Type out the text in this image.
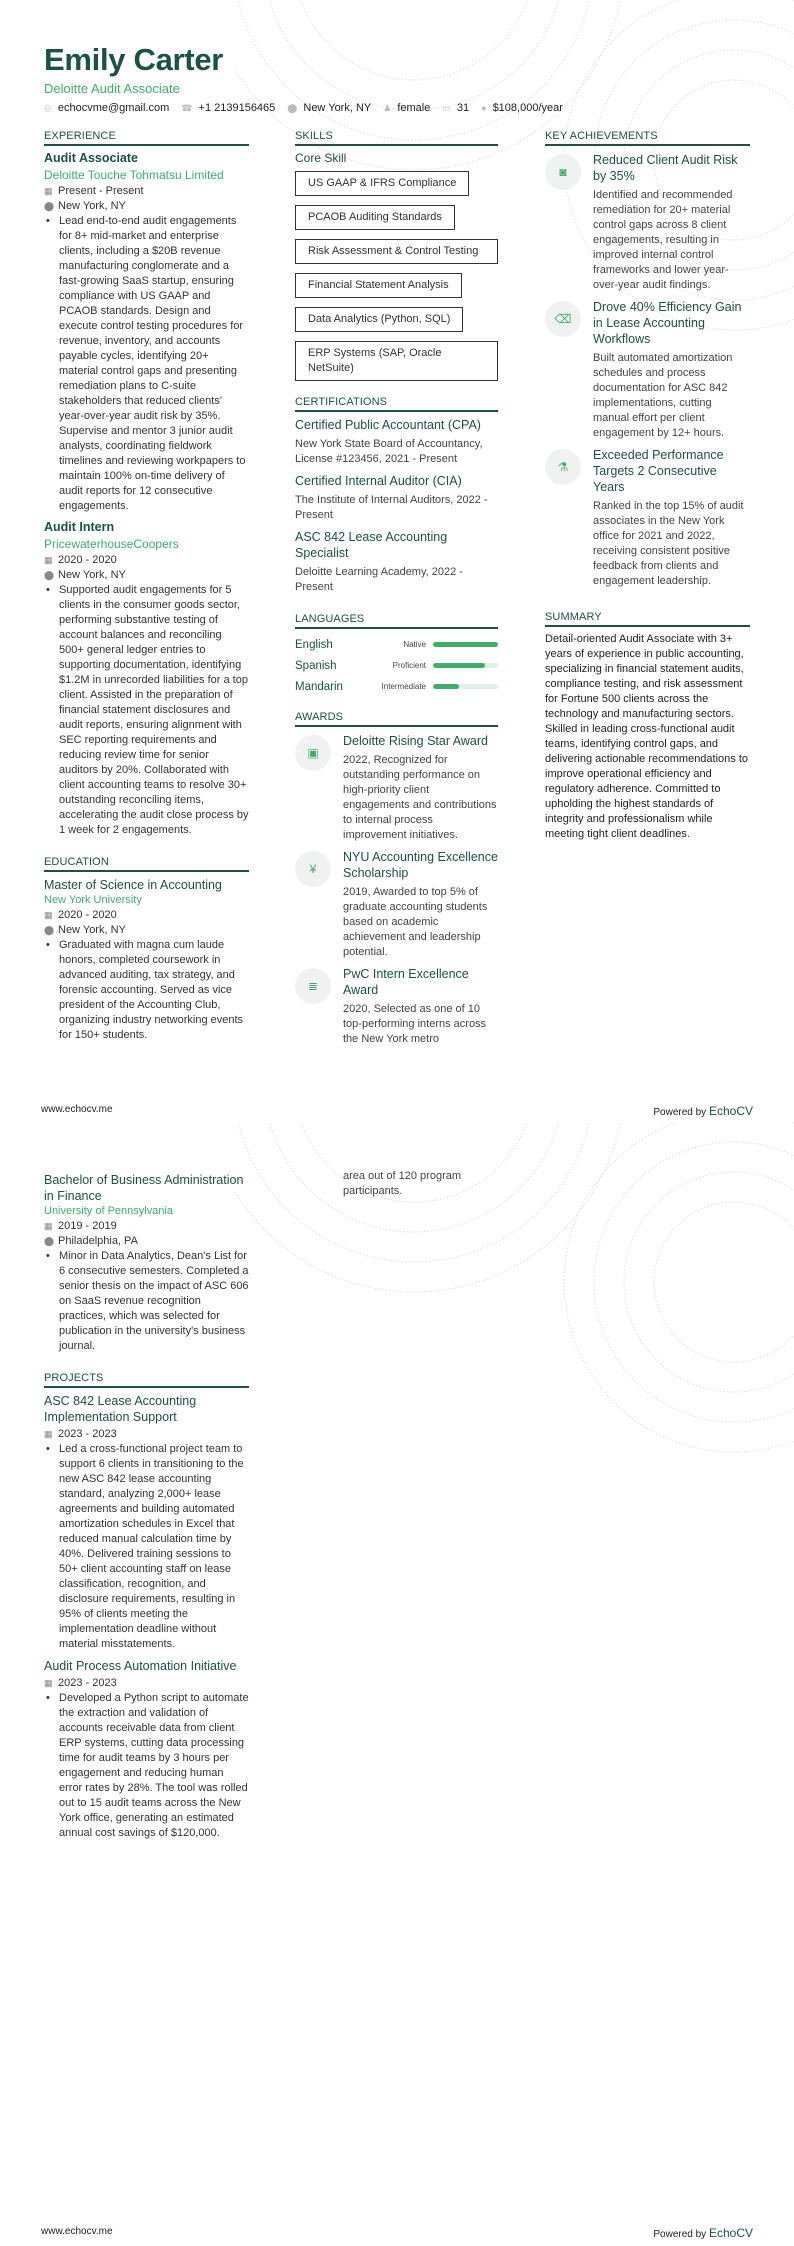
Emily Carter
Deloitte Audit Associate
◎ echocvme@gmail.com ☎ +1 2139156465 ⬤ New York, NY ♟ female ▭ 31 ● $108,000/year
EXPERIENCE
Audit Associate
Deloitte Touche Tohmatsu Limited
▦ Present - Present
⬤ New York, NY
• Lead end-to-end audit engagements for 8+ mid-market and enterprise clients, including a $20B revenue manufacturing conglomerate and a fast-growing SaaS startup, ensuring compliance with US GAAP and PCAOB standards. Design and execute control testing procedures for revenue, inventory, and accounts payable cycles, identifying 20+ material control gaps and presenting remediation plans to C-suite stakeholders that reduced clients' year-over-year audit risk by 35%. Supervise and mentor 3 junior audit analysts, coordinating fieldwork timelines and reviewing workpapers to maintain 100% on-time delivery of audit reports for 12 consecutive engagements.
Audit Intern
PricewaterhouseCoopers
▦ 2020 - 2020
⬤ New York, NY
• Supported audit engagements for 5 clients in the consumer goods sector, performing substantive testing of account balances and reconciling 500+ general ledger entries to supporting documentation, identifying $1.2M in unrecorded liabilities for a top client. Assisted in the preparation of financial statement disclosures and audit reports, ensuring alignment with SEC reporting requirements and reducing review time for senior auditors by 20%. Collaborated with client accounting teams to resolve 30+ outstanding reconciling items, accelerating the audit close process by 1 week for 2 engagements.
EDUCATION
Master of Science in Accounting
New York University
▦ 2020 - 2020
⬤ New York, NY
• Graduated with magna cum laude honors, completed coursework in advanced auditing, tax strategy, and forensic accounting. Served as vice president of the Accounting Club, organizing industry networking events for 150+ students.
SKILLS
Core Skill
US GAAP & IFRS Compliance PCAOB Auditing Standards Risk Assessment & Control Testing Financial Statement Analysis Data Analytics (Python, SQL) ERP Systems (SAP, Oracle NetSuite)
CERTIFICATIONS
Certified Public Accountant (CPA)
New York State Board of Accountancy, License #123456, 2021 - Present
Certified Internal Auditor (CIA)
The Institute of Internal Auditors, 2022 - Present
ASC 842 Lease Accounting Specialist
Deloitte Learning Academy, 2022 - Present
LANGUAGES
English	Native
Spanish	Proficient
Mandarin	Intermediate
AWARDS
▣
Deloitte Rising Star Award
2022, Recognized for outstanding performance on high-priority client engagements and contributions to internal process improvement initiatives.
¥
NYU Accounting Excellence Scholarship
2019, Awarded to top 5% of graduate accounting students based on academic achievement and leadership potential.
≣
PwC Intern Excellence Award
2020, Selected as one of 10 top-performing interns across the New York metro
KEY ACHIEVEMENTS
◙
Reduced Client Audit Risk by 35%
Identified and recommended remediation for 20+ material control gaps across 8 client engagements, resulting in improved internal control frameworks and lower year-over-year audit findings.
⌫
Drove 40% Efficiency Gain in Lease Accounting Workflows
Built automated amortization schedules and process documentation for ASC 842 implementations, cutting manual effort per client engagement by 12+ hours.
⚗
Exceeded Performance Targets 2 Consecutive Years
Ranked in the top 15% of audit associates in the New York office for 2021 and 2022, receiving consistent positive feedback from clients and engagement leadership.
SUMMARY
Detail-oriented Audit Associate with 3+ years of experience in public accounting, specializing in financial statement audits, compliance testing, and risk assessment for Fortune 500 clients across the technology and manufacturing sectors. Skilled in leading cross-functional audit teams, identifying control gaps, and delivering actionable recommendations to improve operational efficiency and regulatory adherence. Committed to upholding the highest standards of integrity and professionalism while meeting tight client deadlines.
www.echocv.me	Powered by EchoCV
Bachelor of Business Administration in Finance
University of Pennsylvania
▦ 2019 - 2019
⬤ Philadelphia, PA
• Minor in Data Analytics, Dean's List for 6 consecutive semesters. Completed a senior thesis on the impact of ASC 606 on SaaS revenue recognition practices, which was selected for publication in the university's business journal.
PROJECTS
ASC 842 Lease Accounting Implementation Support
▦ 2023 - 2023
• Led a cross-functional project team to support 6 clients in transitioning to the new ASC 842 lease accounting standard, analyzing 2,000+ lease agreements and building automated amortization schedules in Excel that reduced manual calculation time by 40%. Delivered training sessions to 50+ client accounting staff on lease classification, recognition, and disclosure requirements, resulting in 95% of clients meeting the implementation deadline without material misstatements.
Audit Process Automation Initiative
▦ 2023 - 2023
• Developed a Python script to automate the extraction and validation of accounts receivable data from client ERP systems, cutting data processing time for audit teams by 3 hours per engagement and reducing human error rates by 28%. The tool was rolled out to 15 audit teams across the New York office, generating an estimated annual cost savings of $120,000.
area out of 120 program participants.
www.echocv.me	Powered by EchoCV
